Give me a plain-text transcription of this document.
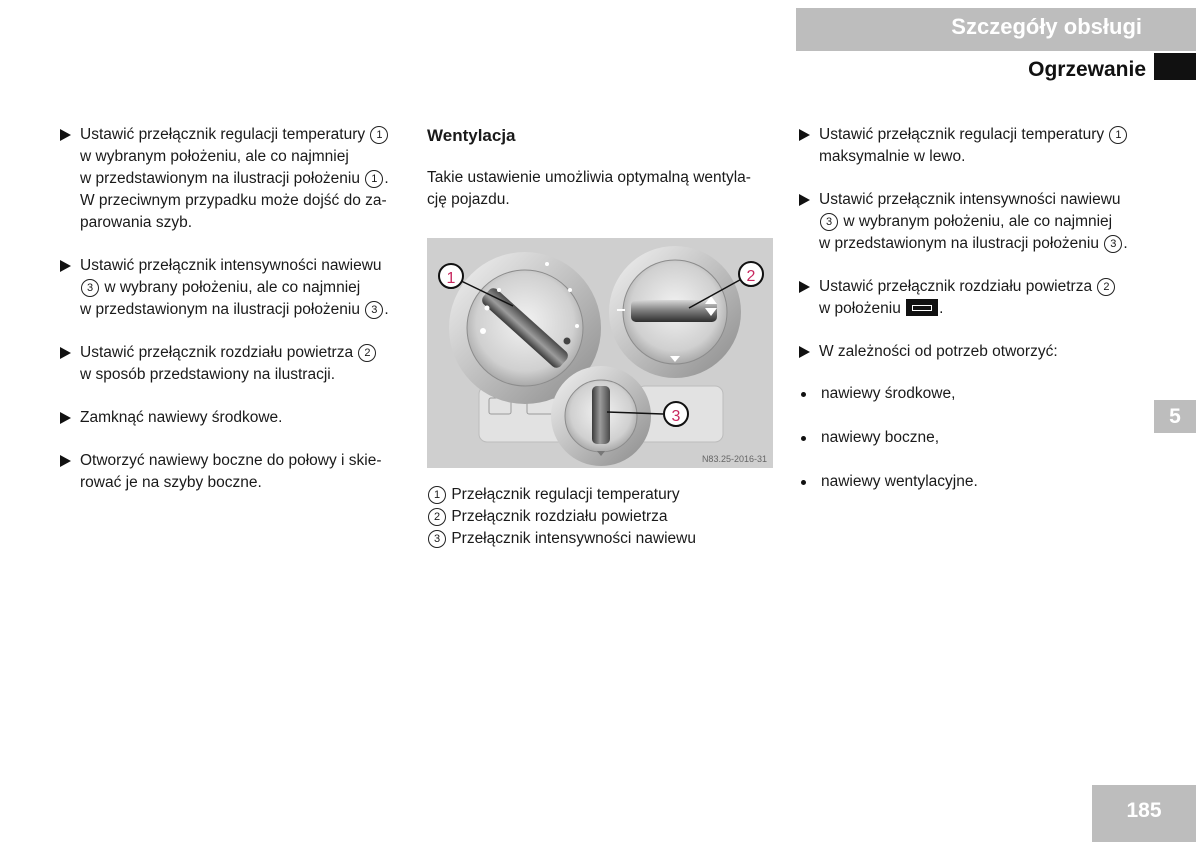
Szczegóły obsługi
Ogrzewanie
5
185
Ustawić przełącznik regulacji temperatury 1
w wybranym położeniu, ale co najmniej
w przedstawionym na ilustracji położeniu 1 .
W przeciwnym przypadku może dojść do za-
parowania szyb.
Ustawić przełącznik intensywności nawiewu
3 w wybrany położeniu, ale co najmniej
w przedstawionym na ilustracji położeniu 3 .
Ustawić przełącznik rozdziału powietrza 2
w sposób przedstawiony na ilustracji.
Zamknąć nawiewy środkowe.
Otworzyć nawiewy boczne do połowy i skie-
rować je na szyby boczne.
Wentylacja
Takie ustawienie umożliwia optymalną wentyla-
cję pojazdu.
1	2
3
N83.25-2016-31
1 Przełącznik regulacji temperatury
2 Przełącznik rozdziału powietrza
3 Przełącznik intensywności nawiewu
Ustawić przełącznik regulacji temperatury 1
maksymalnie w lewo.
Ustawić przełącznik intensywności nawiewu
3 w wybranym położeniu, ale co najmniej
w przedstawionym na ilustracji położeniu 3 .
Ustawić przełącznik rozdziału powietrza 2
w położeniu .
W zależności od potrzeb otworzyć:
nawiewy środkowe,
nawiewy boczne,
nawiewy wentylacyjne.
